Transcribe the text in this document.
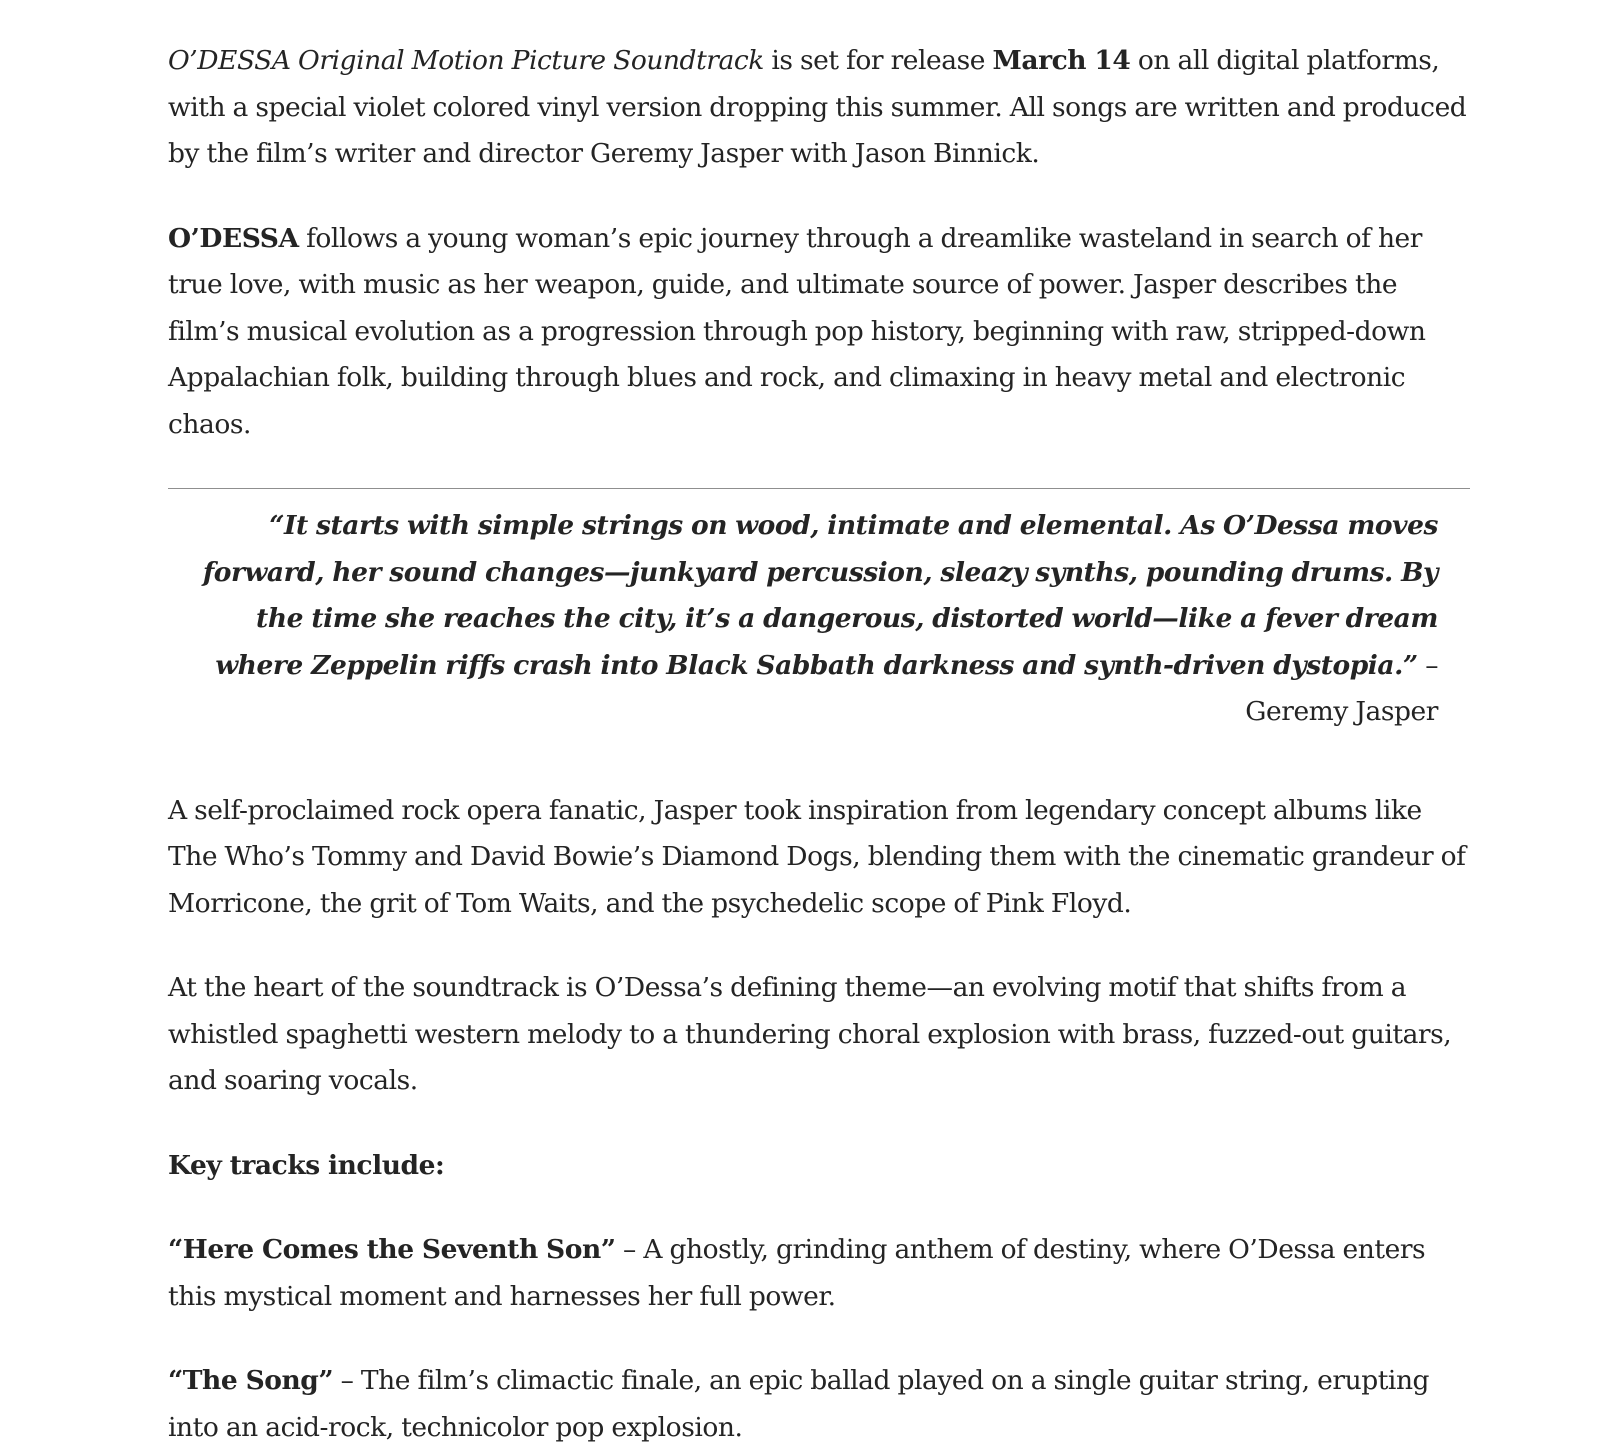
O’DESSA Original Motion Picture Soundtrack is set for release March 14 on all digital platforms, with a special violet colored vinyl version dropping this summer. All songs are written and produced by the film’s writer and director Geremy Jasper with Jason Binnick.

O’DESSA follows a young woman’s epic journey through a dreamlike wasteland in search of her true love, with music as her weapon, guide, and ultimate source of power. Jasper describes the film’s musical evolution as a progression through pop history, beginning with raw, stripped-down Appalachian folk, building through blues and rock, and climaxing in heavy metal and electronic chaos.

“It starts with simple strings on wood, intimate and elemental. As O’Dessa moves forward, her sound changes—junkyard percussion, sleazy synths, pounding drums. By the time she reaches the city, it’s a dangerous, distorted world—like a fever dream where Zeppelin riffs crash into Black Sabbath darkness and synth-driven dystopia.” – Geremy Jasper

A self-proclaimed rock opera fanatic, Jasper took inspiration from legendary concept albums like The Who’s Tommy and David Bowie’s Diamond Dogs, blending them with the cinematic grandeur of Morricone, the grit of Tom Waits, and the psychedelic scope of Pink Floyd.

At the heart of the soundtrack is O’Dessa’s defining theme—an evolving motif that shifts from a whistled spaghetti western melody to a thundering choral explosion with brass, fuzzed-out guitars, and soaring vocals.

Key tracks include:

“Here Comes the Seventh Son” – A ghostly, grinding anthem of destiny, where O’Dessa enters this mystical moment and harnesses her full power.

“The Song” – The film’s climactic finale, an epic ballad played on a single guitar string, erupting into an acid-rock, technicolor pop explosion.
